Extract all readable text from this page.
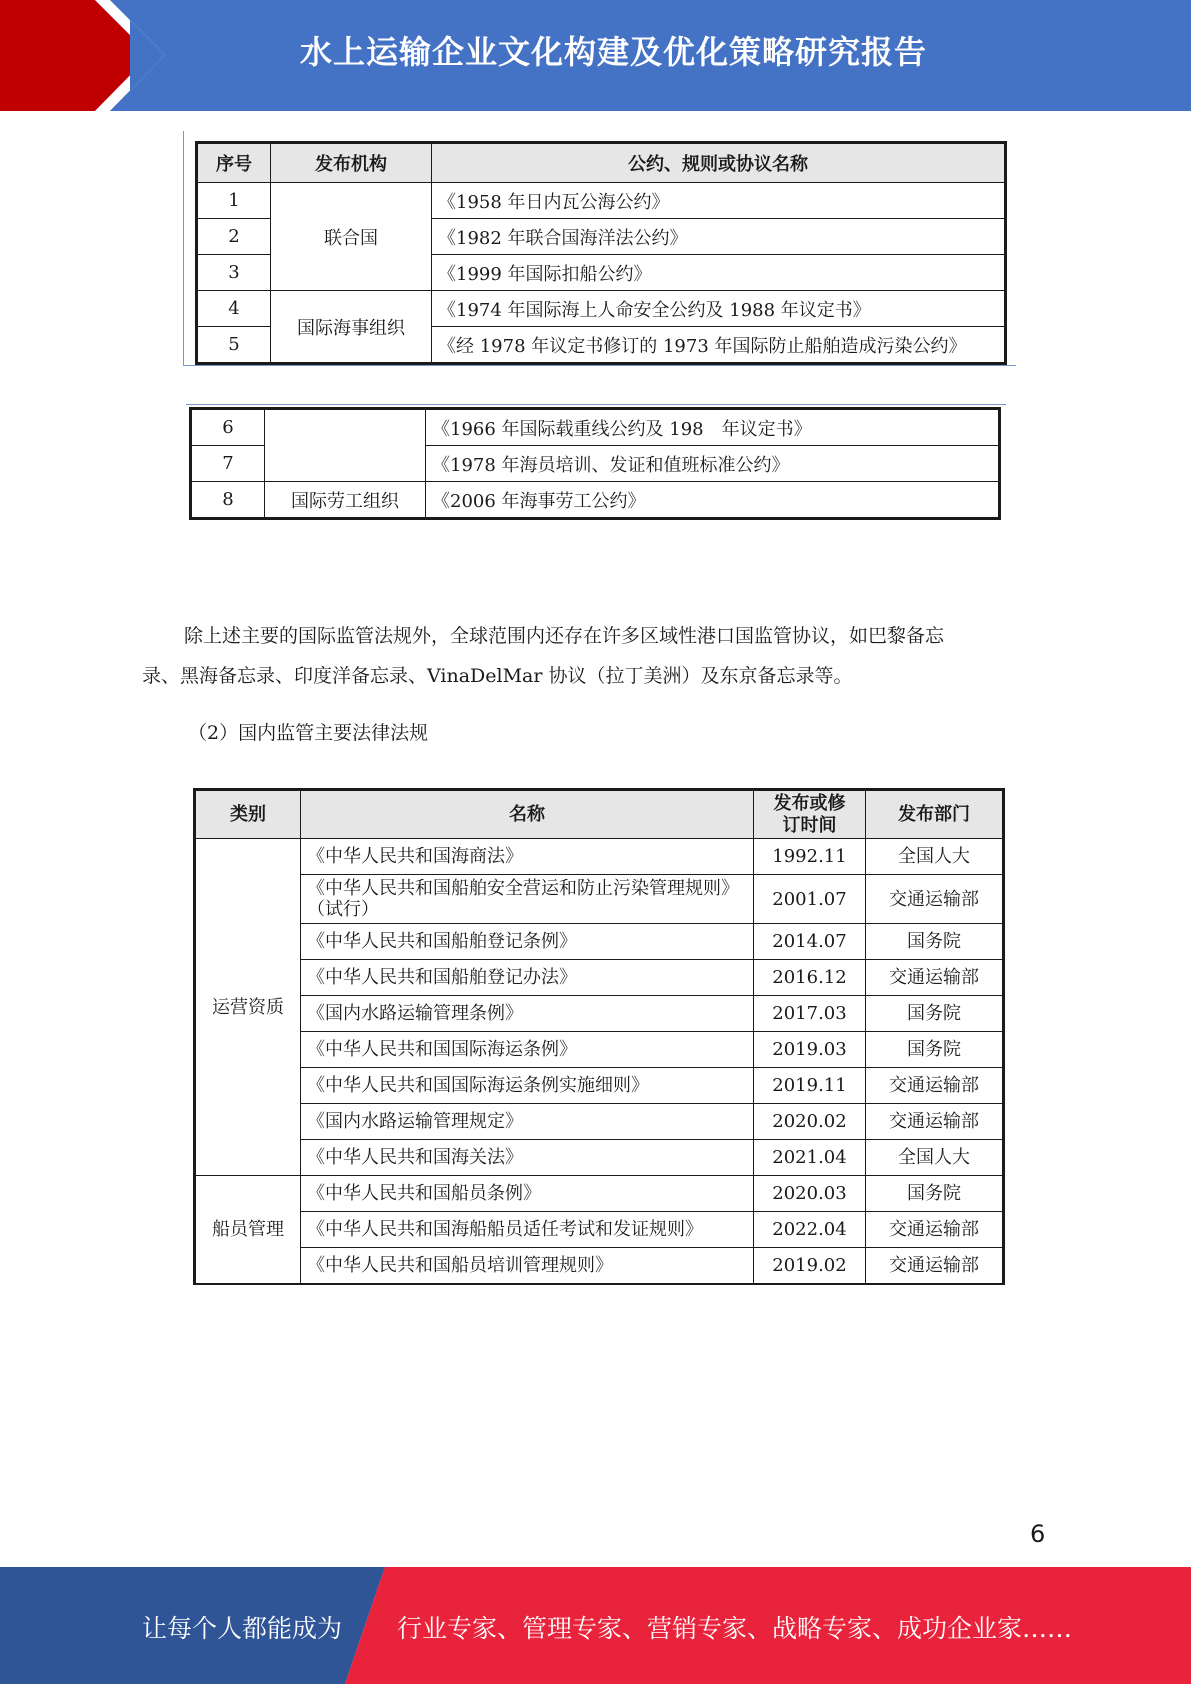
水上运输企业文化构建及优化策略研究报告
序号	发布机构	公约、规则或协议名称
1	联合国	《1958 年日内瓦公海公约》
2		《1982 年联合国海洋法公约》
3		《1999 年国际扣船公约》
4	国际海事组织	《1974 年国际海上人命安全公约及 1988 年议定书》
5		《经 1978 年议定书修订的 1973 年国际防止船舶造成污染公约》
6		《1966 年国际载重线公约及 198　年议定书》
7		《1978 年海员培训、发证和值班标准公约》
8	国际劳工组织	《2006 年海事劳工公约》
除上述主要的国际监管法规外，全球范围内还存在许多区域性港口国监管协议，如巴黎备忘
录、黑海备忘录、印度洋备忘录、VinaDelMar 协议（拉丁美洲）及东京备忘录等。
（2）国内监管主要法律法规
类别	名称	发布或修订时间	发布部门
运营资质	《中华人民共和国海商法》	1992.11	全国人大
	《中华人民共和国船舶安全营运和防止污染管理规则》（试行）	2001.07	交通运输部
	《中华人民共和国船舶登记条例》	2014.07	国务院
	《中华人民共和国船舶登记办法》	2016.12	交通运输部
	《国内水路运输管理条例》	2017.03	国务院
	《中华人民共和国国际海运条例》	2019.03	国务院
	《中华人民共和国国际海运条例实施细则》	2019.11	交通运输部
	《国内水路运输管理规定》	2020.02	交通运输部
	《中华人民共和国海关法》	2021.04	全国人大
船员管理	《中华人民共和国船员条例》	2020.03	国务院
	《中华人民共和国海船船员适任考试和发证规则》	2022.04	交通运输部
	《中华人民共和国船员培训管理规则》	2019.02	交通运输部
6
让每个人都能成为 行业专家、管理专家、营销专家、战略专家、成功企业家……
